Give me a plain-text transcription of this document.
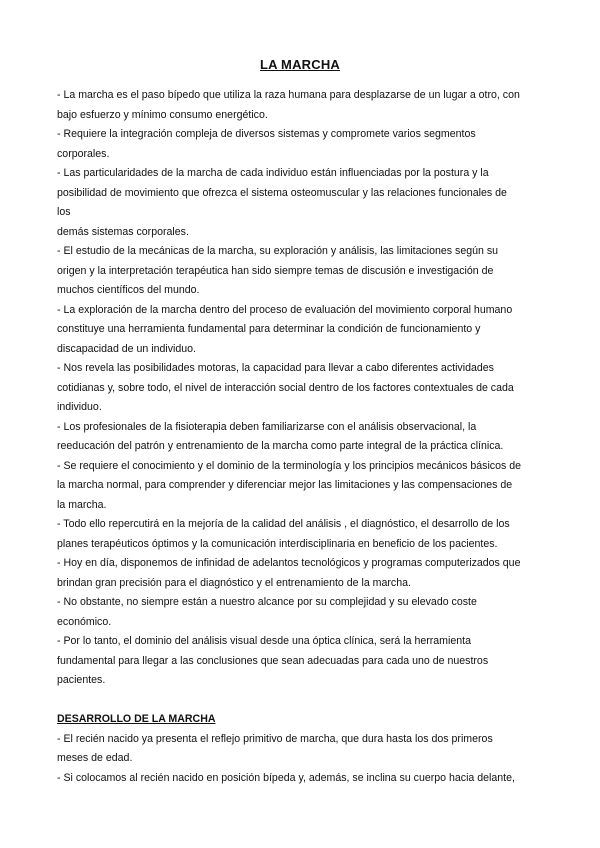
LA MARCHA
- La marcha es el paso bípedo que utiliza la raza humana para desplazarse de un lugar a otro, con
bajo esfuerzo y mínimo consumo energético.
- Requiere la integración compleja de diversos sistemas y compromete varios segmentos
corporales.
- Las particularidades de la marcha de cada individuo están influenciadas por la postura y la
posibilidad de movimiento que ofrezca el sistema osteomuscular y las relaciones funcionales de
los
demás sistemas corporales.
- El estudio de la mecánicas de la marcha, su exploración y análisis, las limitaciones según su
origen y la interpretación terapéutica han sido siempre temas de discusión e investigación de
muchos científicos del mundo.
- La exploración de la marcha dentro del proceso de evaluación del movimiento corporal humano
constituye una herramienta fundamental para determinar la condición de funcionamiento y
discapacidad de un individuo.
- Nos revela las posibilidades motoras, la capacidad para llevar a cabo diferentes actividades
cotidianas y, sobre todo, el nivel de interacción social dentro de los factores contextuales de cada
individuo.
- Los profesionales de la fisioterapia deben familiarizarse con el análisis observacional, la
reeducación del patrón y entrenamiento de la marcha como parte integral de la práctica clínica.
- Se requiere el conocimiento y el dominio de la terminología y los principios mecánicos básicos de
la marcha normal, para comprender y diferenciar mejor las limitaciones y las compensaciones de
la marcha.
- Todo ello repercutirá en la mejoría de la calidad del análisis , el diagnóstico, el desarrollo de los
planes terapéuticos óptimos y la comunicación interdisciplinaria en beneficio de los pacientes.
- Hoy en día, disponemos de infinidad de adelantos tecnológicos y programas computerizados que
brindan gran precisión para el diagnóstico y el entrenamiento de la marcha.
- No obstante, no siempre están a nuestro alcance por su complejidad y su elevado coste
económico.
- Por lo tanto, el dominio del análisis visual desde una óptica clínica, será la herramienta
fundamental para llegar a las conclusiones que sean adecuadas para cada uno de nuestros
pacientes.
DESARROLLO DE LA MARCHA
- El recién nacido ya presenta el reflejo primitivo de marcha, que dura hasta los dos primeros
meses de edad.
- Si colocamos al recién nacido en posición bípeda y, además, se inclina su cuerpo hacia delante,
